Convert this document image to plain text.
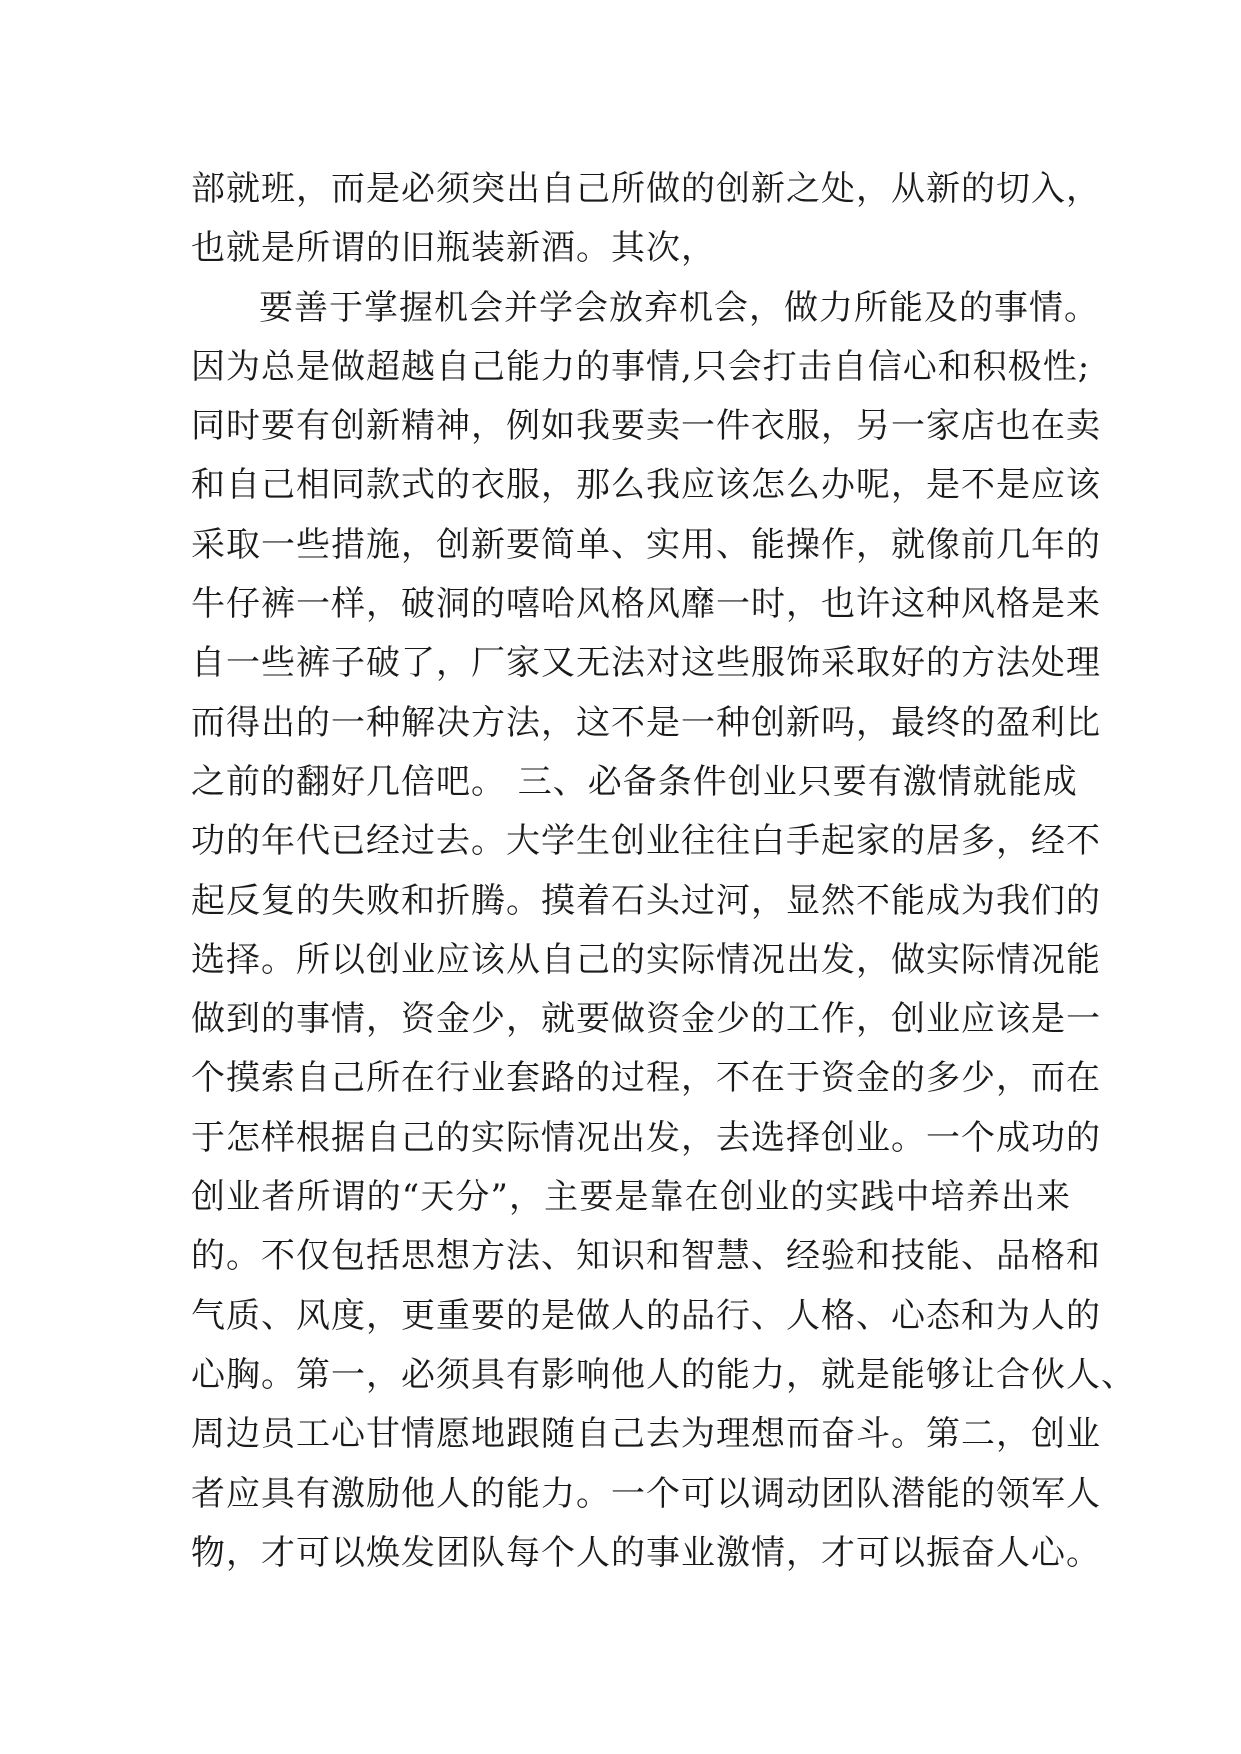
部就班，而是必须突出自己所做的创新之处，从新的切入，
也就是所谓的旧瓶装新酒。其次，
要善于掌握机会并学会放弃机会，做力所能及的事情。
因为总是做超越自己能力的事情,只会打击自信心和积极性;
同时要有创新精神，例如我要卖一件衣服，另一家店也在卖
和自己相同款式的衣服，那么我应该怎么办呢，是不是应该
采取一些措施，创新要简单、实用、能操作，就像前几年的
牛仔裤一样，破洞的嘻哈风格风靡一时，也许这种风格是来
自一些裤子破了，厂家又无法对这些服饰采取好的方法处理
而得出的一种解决方法，这不是一种创新吗，最终的盈利比
之前的翻好几倍吧。 三、必备条件创业只要有激情就能成
功的年代已经过去。大学生创业往往白手起家的居多，经不
起反复的失败和折腾。摸着石头过河，显然不能成为我们的
选择。所以创业应该从自己的实际情况出发，做实际情况能
做到的事情，资金少，就要做资金少的工作，创业应该是一
个摸索自己所在行业套路的过程，不在于资金的多少，而在
于怎样根据自己的实际情况出发，去选择创业。一个成功的
创业者所谓的“天分”，主要是靠在创业的实践中培养出来
的。不仅包括思想方法、知识和智慧、经验和技能、品格和
气质、风度，更重要的是做人的品行、人格、心态和为人的
心胸。第一，必须具有影响他人的能力，就是能够让合伙人、
周边员工心甘情愿地跟随自己去为理想而奋斗。第二，创业
者应具有激励他人的能力。一个可以调动团队潜能的领军人
物，才可以焕发团队每个人的事业激情，才可以振奋人心。
